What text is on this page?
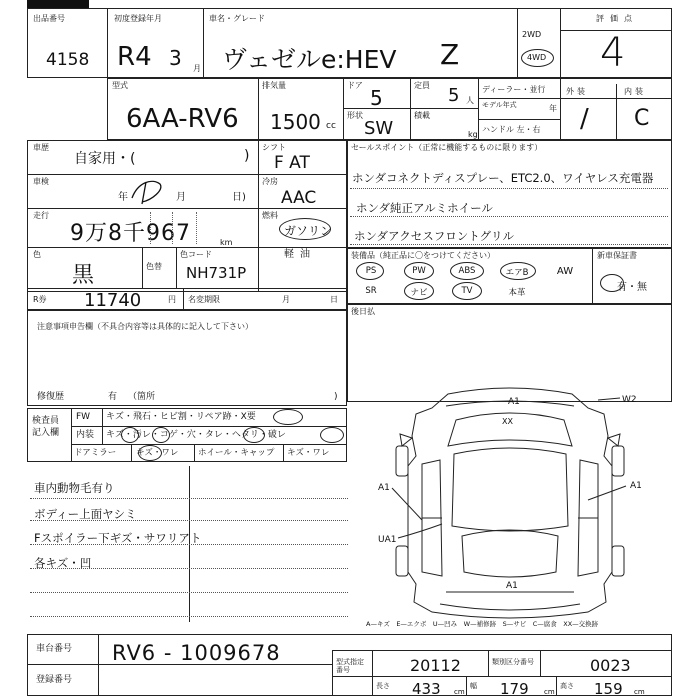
出品番号
4158
初度登録年月
R4 3 月
車名・グレード
ヴェゼルe:HEV Z
2WD
4WD
評価点
4
型式
6AA-RV6
排気量
1500 cc
ドア
5
定員 5 人
形状
SW
積載
kg
ディーラー・並行
モデル年式	年
ハンドル 左・右
外装	内装
/ C
車歴
自家用・(	)
シフト
F AT
車検
年	月	日)
冷房
AAC
走行
9万8千967	km
燃料
ガソリン
軽油
色
黒	色替
色コード
NH731P
R券 11740	円 名変期限	月	日
セールスポイント（正常に機能するものに限ります）
ホンダコネクトディスプレー、ETC2.0、ワイヤレス充電器
ホンダ純正アルミホイール
ホンダアクセスフロントグリル
装備品（純正品に〇をつけてください）	新車保証書
PS	PW	ABS	エアB	AW
SR	ナビ	TV	本革	有・無
後日払
注意事項申告欄（不具合内容等は具体的に記入して下さい）
修復歴	有 （箇所	)
検査員
記入欄
FW キズ・飛石・ヒビ割・リペア跡・X要
内装 キズ・汚レ・コゲ・穴・タレ・ヘタリ・破レ
ドアミラー キズ・ワレ ホイール・キャップ キズ・ワレ
車内動物毛有り
ボディー上面ヤシミ
Fスポイラー下ギズ・サワリアト
各キズ・凹
A1
XX
W2
A1	A1
UA1
A1
A—キズ　E—エクボ　U—凹み　W—補修跡　S—サビ　C—腐食　XX—交換跡
車台番号 RV6 - 1009678
登録番号
型式指定番号	20112	類別区分番号	0023
長さ 433 cm
幅 179 cm
高さ 159 cm
